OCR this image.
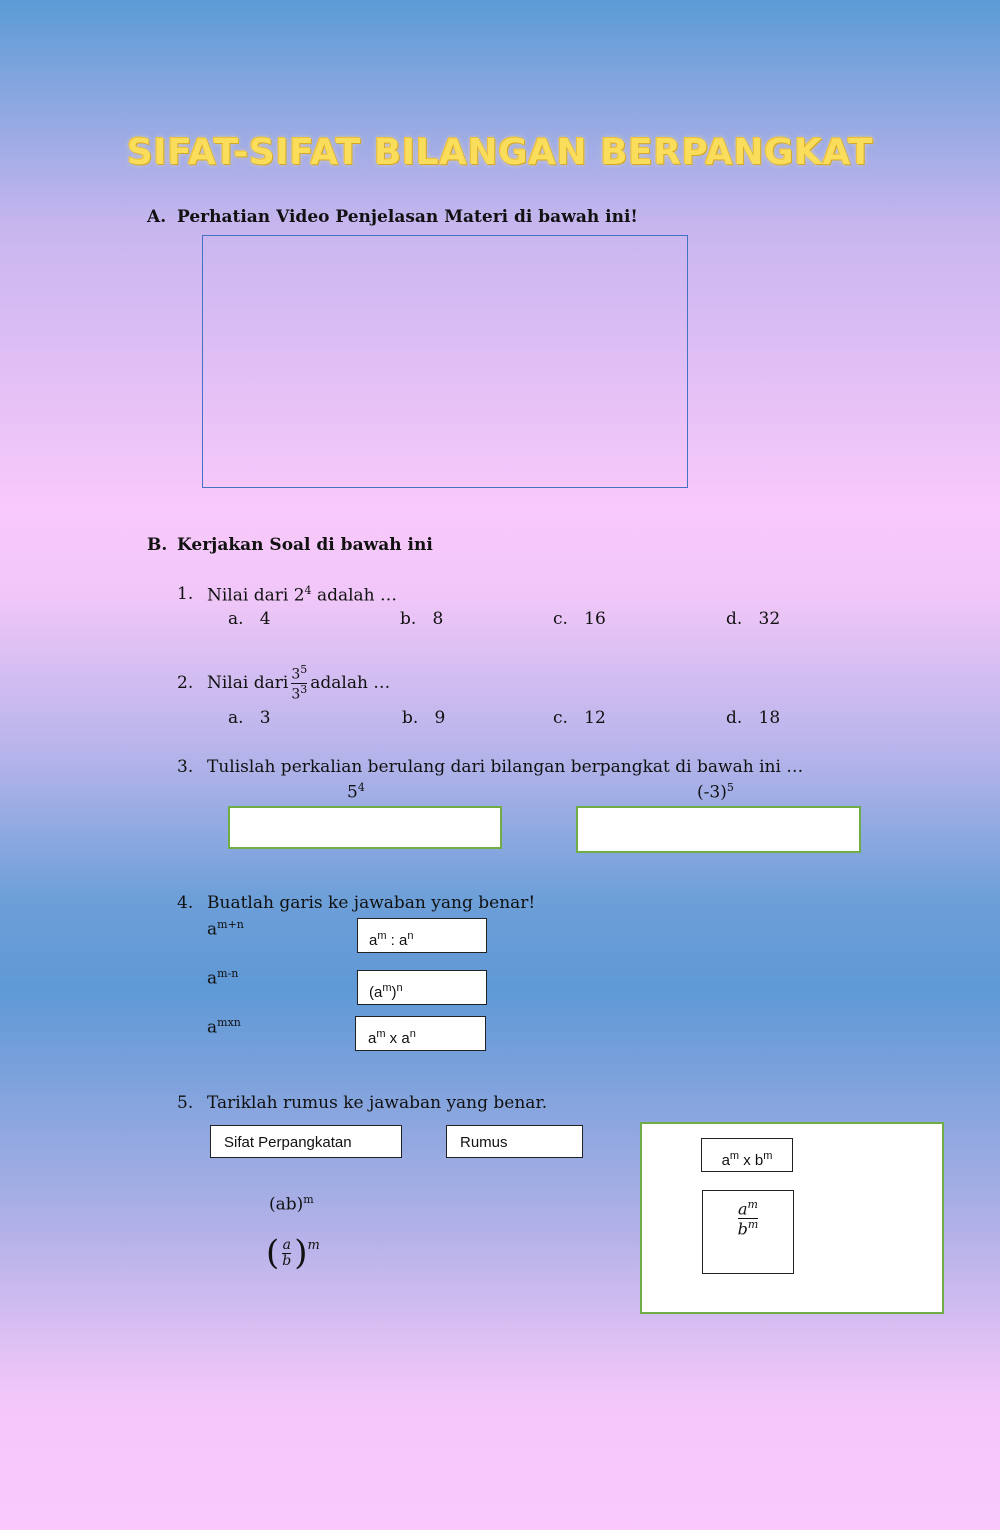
SIFAT-SIFAT BILANGAN BERPANGKAT
A. Perhatian Video Penjelasan Materi di bawah ini!
B. Kerjakan Soal di bawah ini
1. Nilai dari $2^4$ adalah …
a. 4	b. 8	c. 16	d. 32
2. Nilai dari $\frac{3^5}{3^3}$ adalah …
a. 3	b. 9	c. 12	d. 18
3. Tulislah perkalian berulang dari bilangan berpangkat di bawah ini …
$5^4$	$(-3)^5$
4. Buatlah garis ke jawaban yang benar!
$a^{m+n}$
$a^{m-n}$
$a^{mxn}$
$a^m$ : $a^n$
$(a^m)^n$
$a^m$ x $a^n$
5. Tariklah rumus ke jawaban yang benar.
Sifat Perpangkatan	Rumus
(ab)$^m$
( $\frac{a}{b} )^m$
$a^m$ x $b^m$
$\frac{a^m}{b^m}$
